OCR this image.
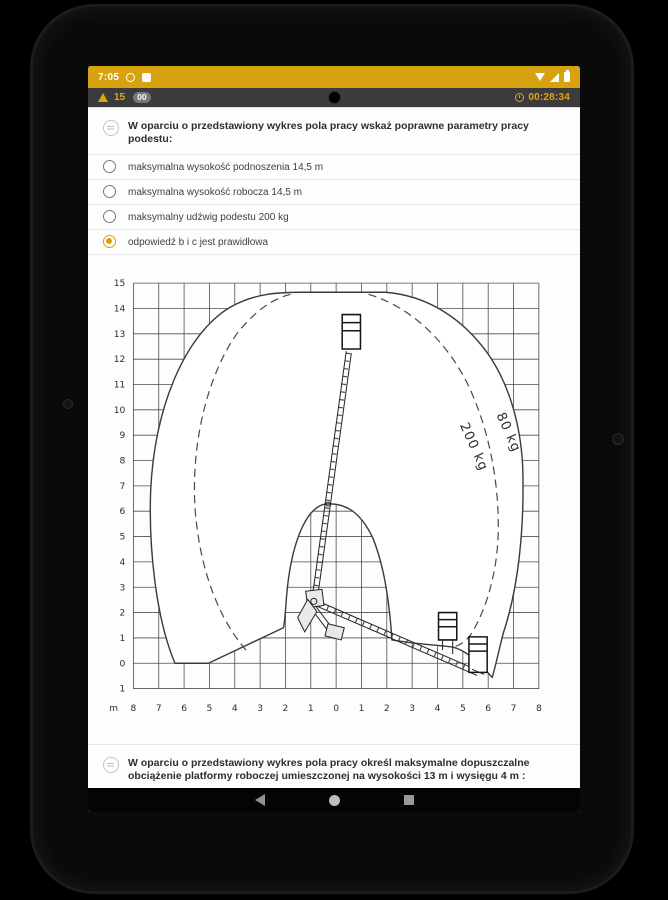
7:05
15	00	00:28:34
W oparciu o przedstawiony wykres pola pracy wskaż poprawne parametry pracy podestu:
maksymalna wysokość podnoszenia 14,5 m
maksymalna wysokość robocza 14,5 m
maksymalny udźwig podestu 200 kg
odpowiedź b i c jest prawidłowa
200 kg 80 kg
8 7 6 5 4 3 2 1 0 1 2 3 4 5 6 7 8
15
14
13
12
11
10
9
8
7
6
5
4
3
2
1
0
1
m
W oparciu o przedstawiony wykres pola pracy określ maksymalne dopuszczalne obciążenie platformy roboczej umieszczonej na wysokości 13 m i wysięgu 4 m :
